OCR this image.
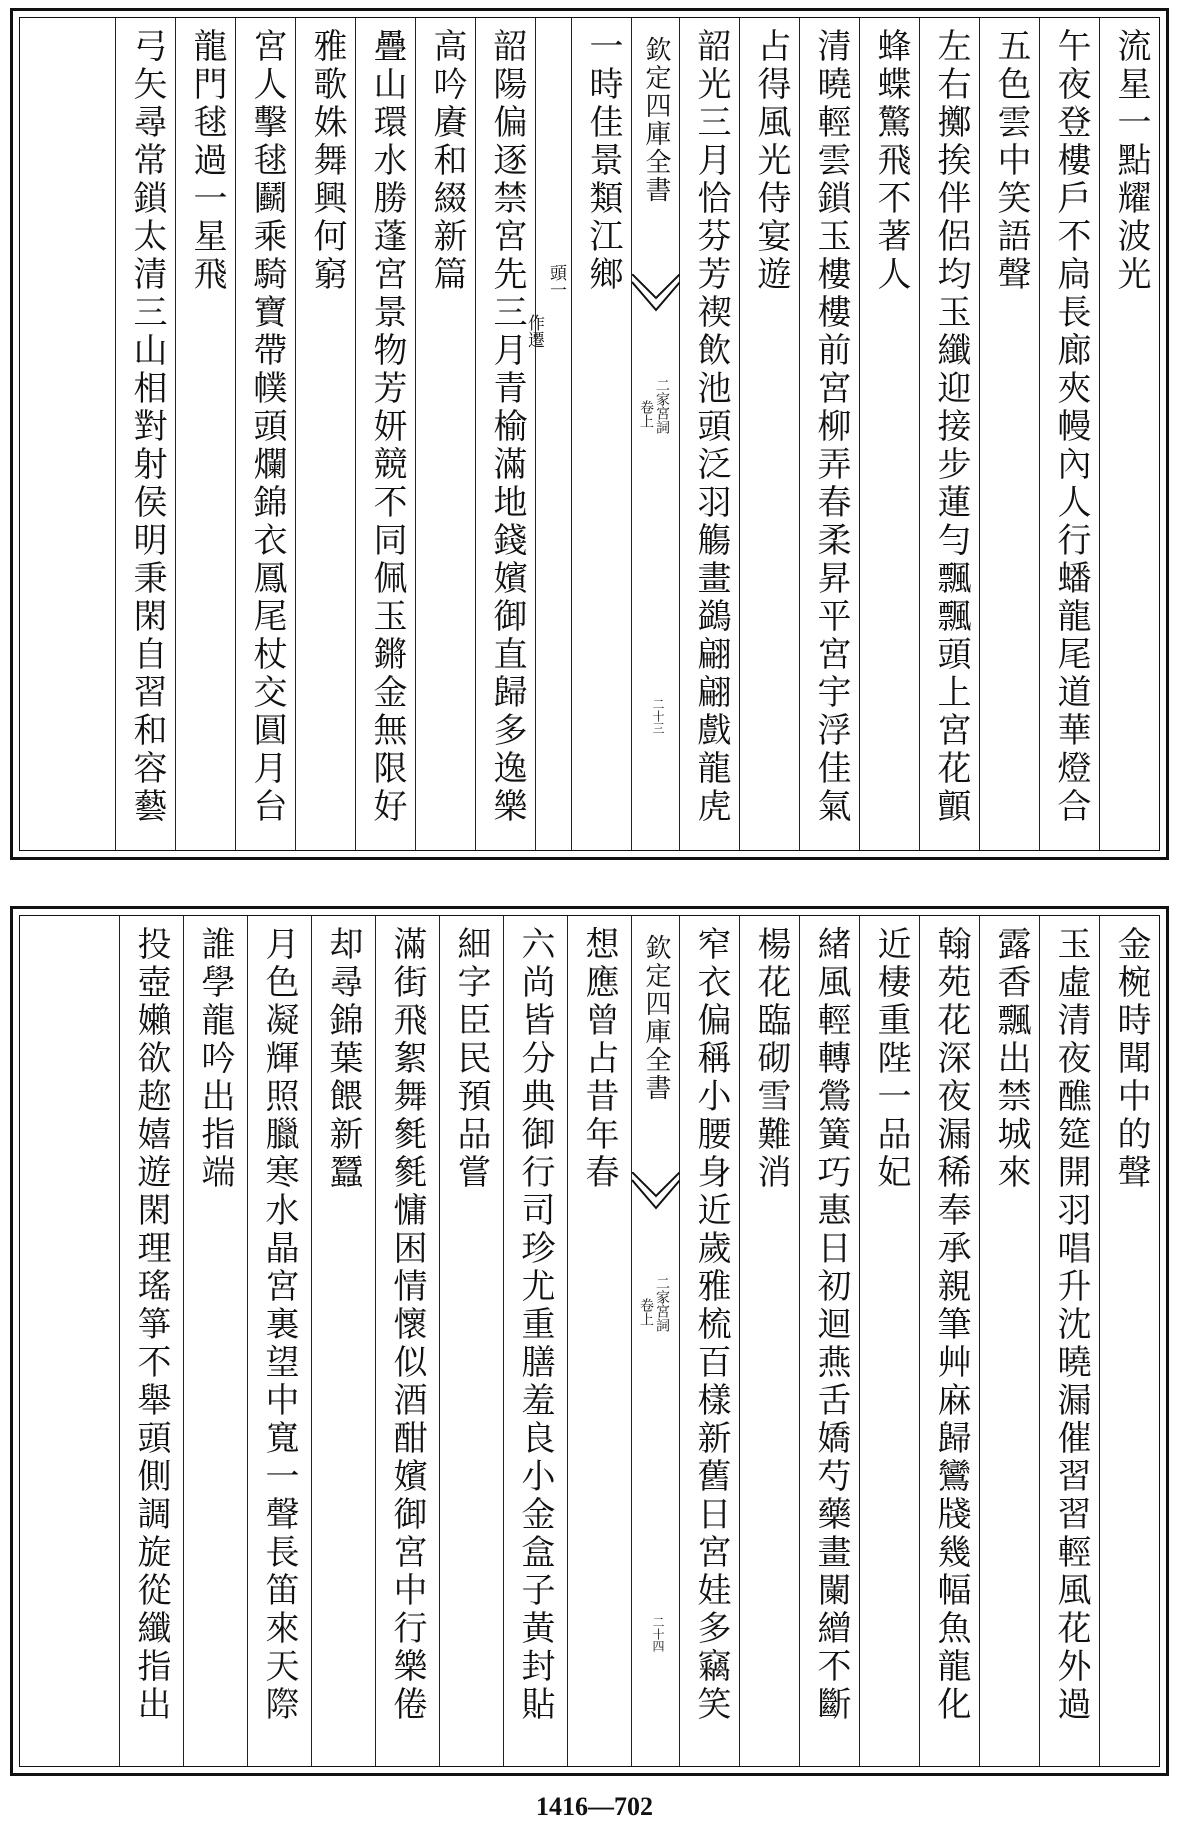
流星一點耀波光
午夜登樓戶不扃長廊夾幔內人行蟠龍尾道華燈合
五色雲中笑語聲
左右擲挨伴侶均玉纖迎接步蓮勻飄飄頭上宮花顫
蜂蝶驚飛不著人
清曉輕雲鎖玉樓樓前宮柳弄春柔昇平宮宇浮佳氣
占得風光侍宴遊
韶光三月恰芬芳禊飲池頭泛羽觴畫鷁翩翩戲龍虎
欽定四庫全書
二家宮詞
卷上
二十三
一時佳景類江鄉
頭一
作遷
韶陽偏逐禁宮先三月青榆滿地錢嬪御直歸多逸樂
高吟賡和綴新篇
疊山環水勝蓬宮景物芳妍競不同佩玉鏘金無限好
雅歌姝舞興何窮
宮人擊毬鬬乘騎寶帶幞頭爛錦衣鳳尾杖交圓月台
龍門毬過一星飛
弓矢尋常鎖太清三山相對射侯明秉閑自習和容藝
金椀時聞中的聲
玉虛清夜醮筵開羽唱升沈曉漏催習習輕風花外過
露香飄出禁城來
翰苑花深夜漏稀奉承親筆艸麻歸鸞牋幾幅魚龍化
近棲重陛一品妃
緒風輕轉鶯簧巧惠日初迴燕舌嬌芍藥畫闌繒不斷
楊花臨砌雪難消
窄衣偏稱小腰身近歲雅梳百樣新舊日宮娃多竊笑
欽定四庫全書
二家宮詞
卷上
二十四
想應曾占昔年春
六尚皆分典御行司珍尤重膳羞良小金盒子黃封貼
細字臣民預品嘗
滿街飛絮舞毿毿慵困情懷似酒酣嬪御宮中行樂倦
却尋錦葉餵新蠶
月色凝輝照臘寒水晶宮裏望中寬一聲長笛來天際
誰學龍吟出指端
投壺嬾欲趂嬉遊閑理瑤箏不舉頭側調旋從纖指出
1416—702
